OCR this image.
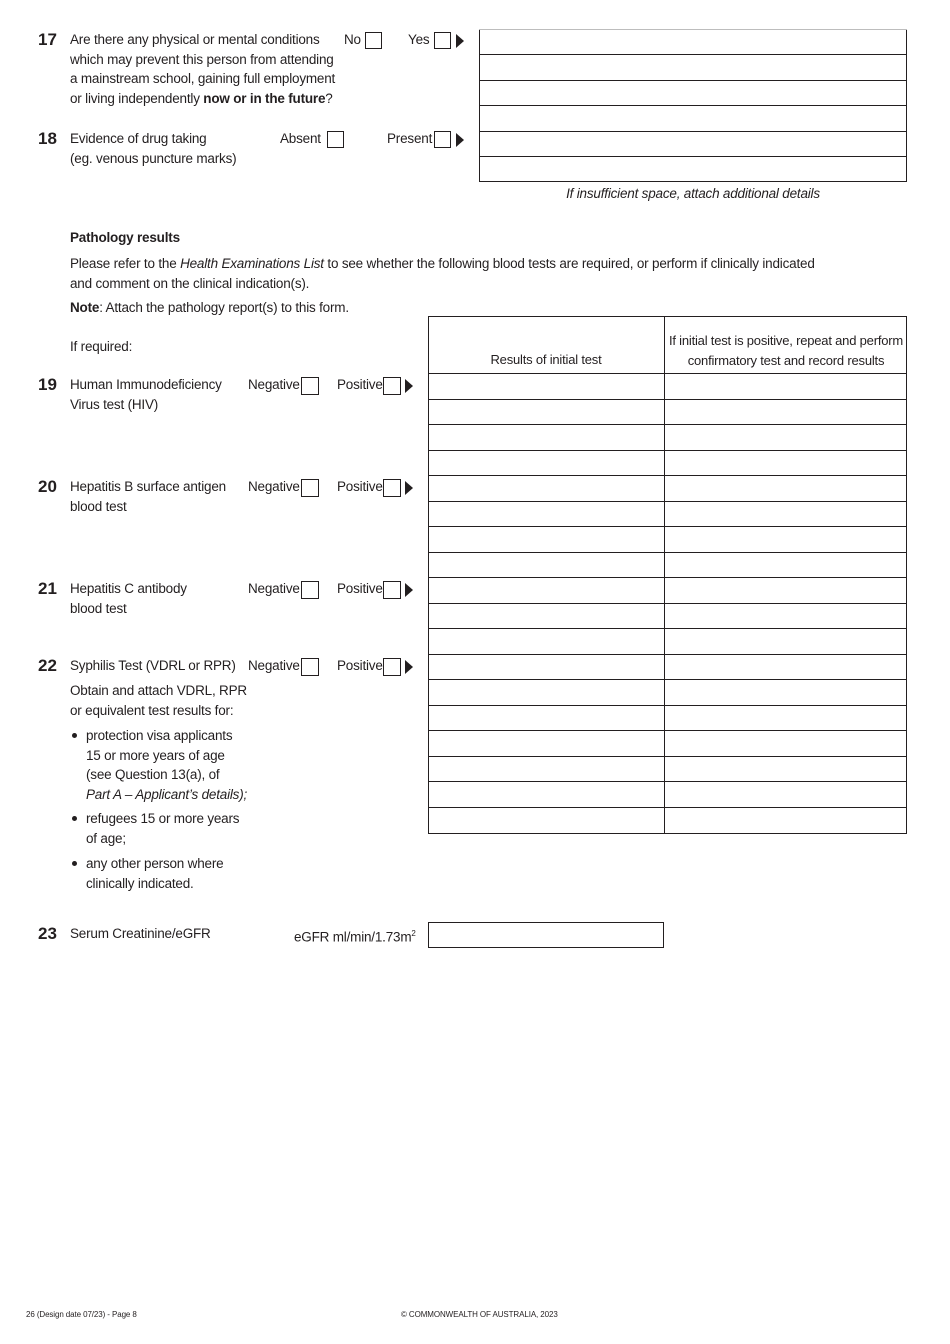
17 Are there any physical or mental conditions
which may prevent this person from attending
a mainstream school, gaining full employment
or living independently now or in the future?
No	Yes
18 Evidence of drug taking
(eg. venous puncture marks)
Absent	Present
If insufficient space, attach additional details
Pathology results
Please refer to the Health Examinations List to see whether the following blood tests are required, or perform if clinically indicated
and comment on the clinical indication(s).
Note: Attach the pathology report(s) to this form.
If required:
Results of initial test
If initial test is positive, repeat and perform
confirmatory test and record results
19 Human Immunodeficiency
Virus test (HIV)
Negative	Positive
20 Hepatitis B surface antigen
blood test
Negative	Positive
21 Hepatitis C antibody
blood test
Negative	Positive
22 Syphilis Test (VDRL or RPR) Negative	Positive
Obtain and attach VDRL, RPR
or equivalent test results for:
protection visa applicants
15 or more years of age
(see Question 13(a), of
Part A – Applicant’s details);
refugees 15 or more years
of age;
any other person where
clinically indicated.
23 Serum Creatinine/eGFR	eGFR $ml/\min/1.73m^2$
26 (Design date 07/23) - Page 8	© COMMONWEALTH OF AUSTRALIA, 2023
